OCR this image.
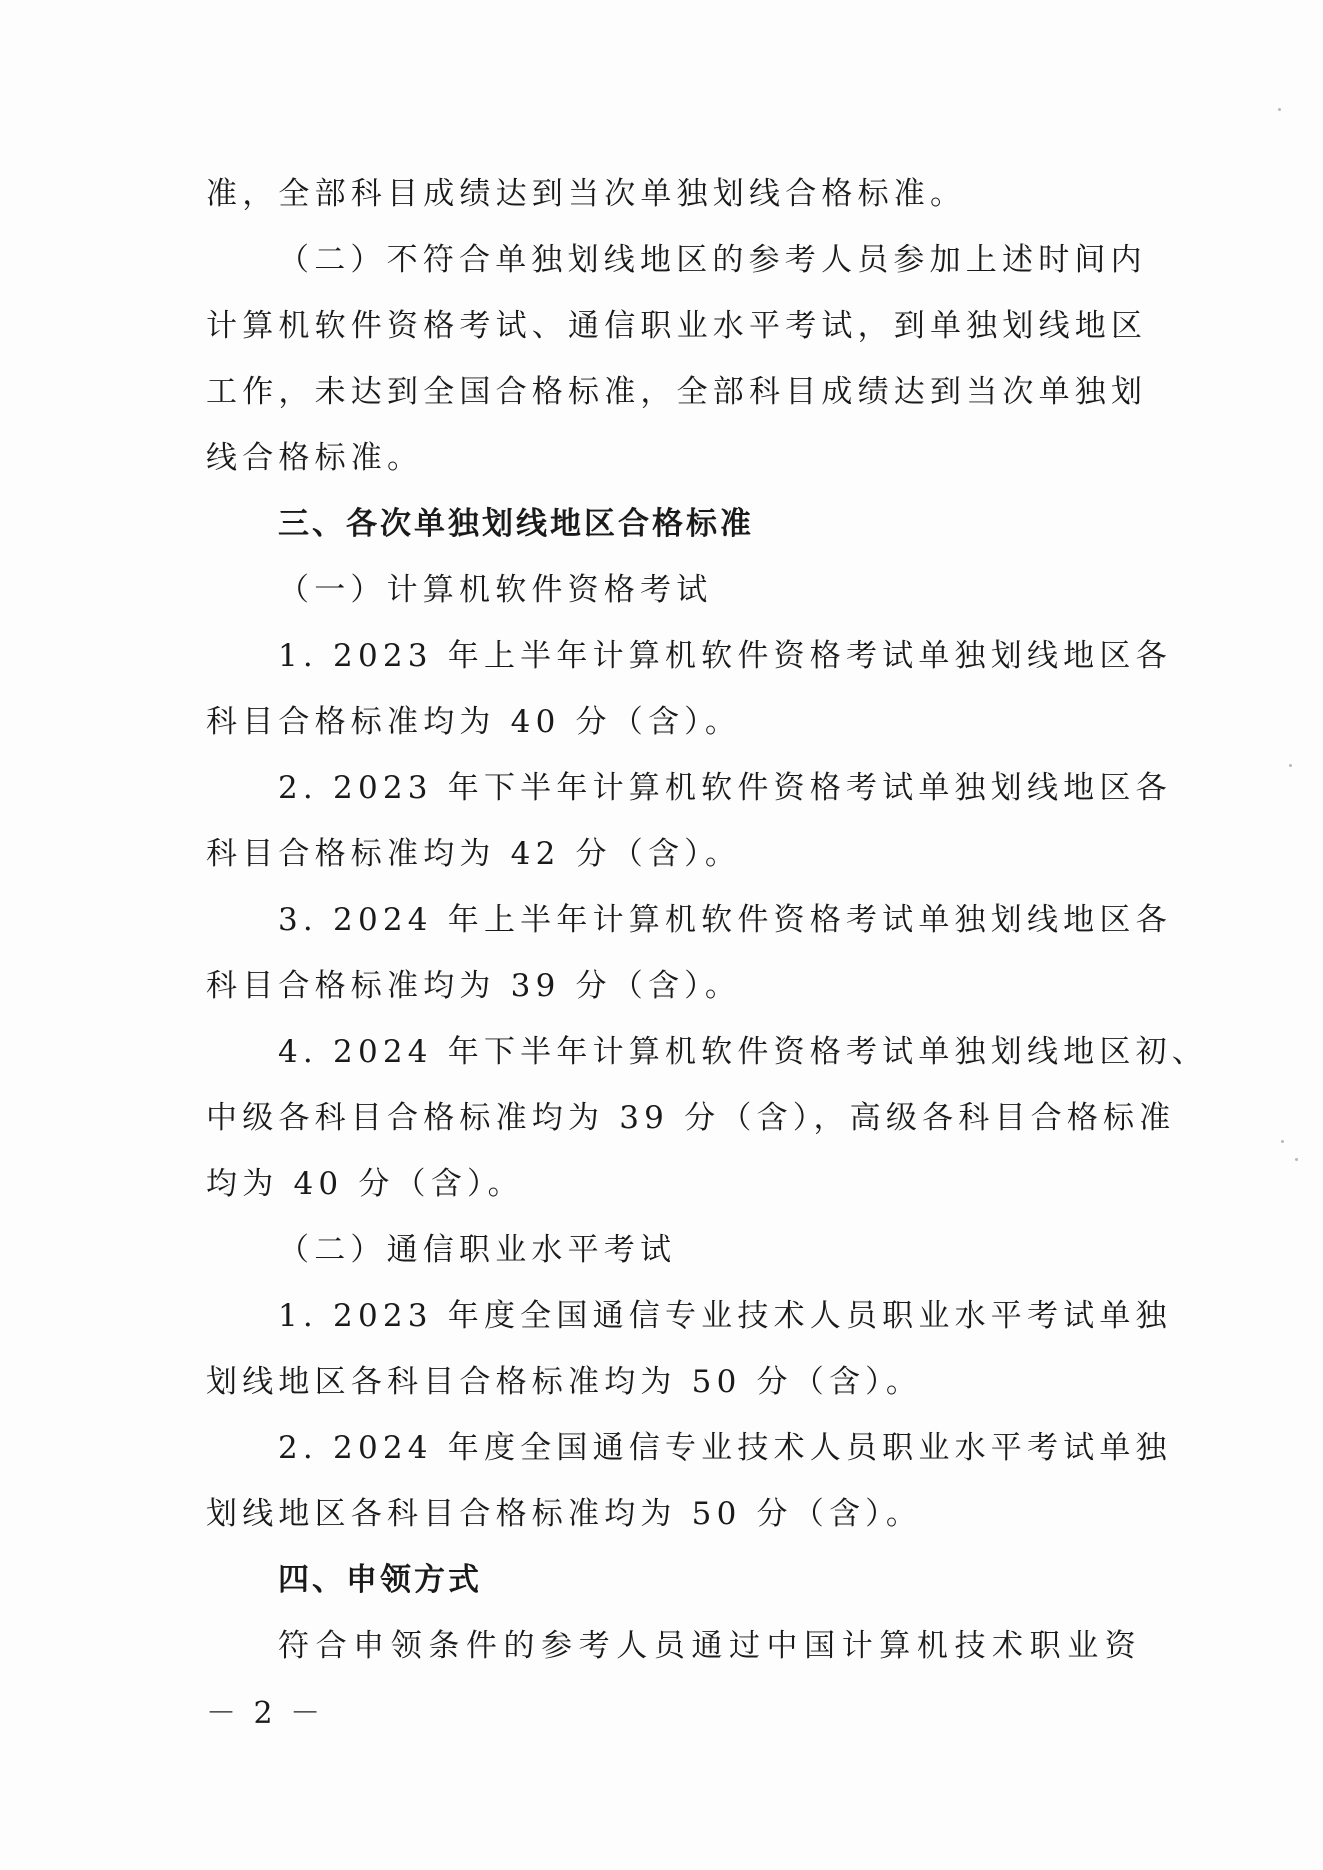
准，全部科目成绩达到当次单独划线合格标准。
（二）不符合单独划线地区的参考人员参加上述时间内
计算机软件资格考试、通信职业水平考试，到单独划线地区
工作，未达到全国合格标准，全部科目成绩达到当次单独划
线合格标准。
三、各次单独划线地区合格标准
（一）计算机软件资格考试
1. 2023 年上半年计算机软件资格考试单独划线地区各
科目合格标准均为 40 分（含）。
2. 2023 年下半年计算机软件资格考试单独划线地区各
科目合格标准均为 42 分（含）。
3. 2024 年上半年计算机软件资格考试单独划线地区各
科目合格标准均为 39 分（含）。
4. 2024 年下半年计算机软件资格考试单独划线地区初、
中级各科目合格标准均为 39 分（含），高级各科目合格标准
均为 40 分（含）。
（二）通信职业水平考试
1. 2023 年度全国通信专业技术人员职业水平考试单独
划线地区各科目合格标准均为 50 分（含）。
2. 2024 年度全国通信专业技术人员职业水平考试单独
划线地区各科目合格标准均为 50 分（含）。
四、申领方式
符合申领条件的参考人员通过中国计算机技术职业资
－ 2 －
